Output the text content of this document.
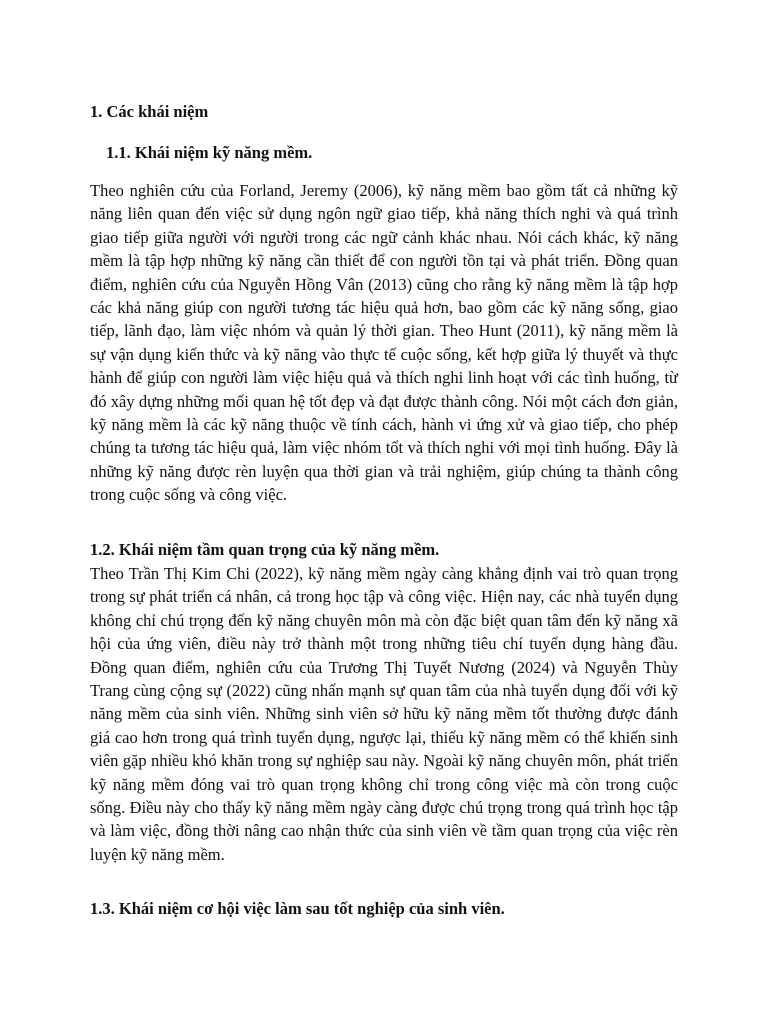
1. Các khái niệm
1.1. Khái niệm kỹ năng mềm.

Theo nghiên cứu của Forland, Jeremy (2006), kỹ năng mềm bao gồm tất cả những kỹ năng liên quan đến việc sử dụng ngôn ngữ giao tiếp, khả năng thích nghi và quá trình giao tiếp giữa người với người trong các ngữ cảnh khác nhau. Nói cách khác, kỹ năng mềm là tập hợp những kỹ năng cần thiết để con người tồn tại và phát triển. Đồng quan điểm, nghiên cứu của Nguyễn Hồng Vân (2013) cũng cho rằng kỹ năng mềm là tập hợp các khả năng giúp con người tương tác hiệu quả hơn, bao gồm các kỹ năng sống, giao tiếp, lãnh đạo, làm việc nhóm và quản lý thời gian. Theo Hunt (2011), kỹ năng mềm là sự vận dụng kiến thức và kỹ năng vào thực tế cuộc sống, kết hợp giữa lý thuyết và thực hành để giúp con người làm việc hiệu quả và thích nghi linh hoạt với các tình huống, từ đó xây dựng những mối quan hệ tốt đẹp và đạt được thành công. Nói một cách đơn giản, kỹ năng mềm là các kỹ năng thuộc về tính cách, hành vi ứng xử và giao tiếp, cho phép chúng ta tương tác hiệu quả, làm việc nhóm tốt và thích nghi với mọi tình huống. Đây là những kỹ năng được rèn luyện qua thời gian và trải nghiệm, giúp chúng ta thành công trong cuộc sống và công việc.

1.2. Khái niệm tầm quan trọng của kỹ năng mềm.

Theo Trần Thị Kim Chi (2022), kỹ năng mềm ngày càng khẳng định vai trò quan trọng trong sự phát triển cá nhân, cả trong học tập và công việc. Hiện nay, các nhà tuyển dụng không chỉ chú trọng đến kỹ năng chuyên môn mà còn đặc biệt quan tâm đến kỹ năng xã hội của ứng viên, điều này trở thành một trong những tiêu chí tuyển dụng hàng đầu. Đồng quan điểm, nghiên cứu của Trương Thị Tuyết Nương (2024) và Nguyễn Thùy Trang cùng cộng sự (2022) cũng nhấn mạnh sự quan tâm của nhà tuyển dụng đối với kỹ năng mềm của sinh viên. Những sinh viên sở hữu kỹ năng mềm tốt thường được đánh giá cao hơn trong quá trình tuyển dụng, ngược lại, thiếu kỹ năng mềm có thể khiến sinh viên gặp nhiều khó khăn trong sự nghiệp sau này. Ngoài kỹ năng chuyên môn, phát triển kỹ năng mềm đóng vai trò quan trọng không chỉ trong công việc mà còn trong cuộc sống. Điều này cho thấy kỹ năng mềm ngày càng được chú trọng trong quá trình học tập và làm việc, đồng thời nâng cao nhận thức của sinh viên về tầm quan trọng của việc rèn luyện kỹ năng mềm.

1.3. Khái niệm cơ hội việc làm sau tốt nghiệp của sinh viên.
